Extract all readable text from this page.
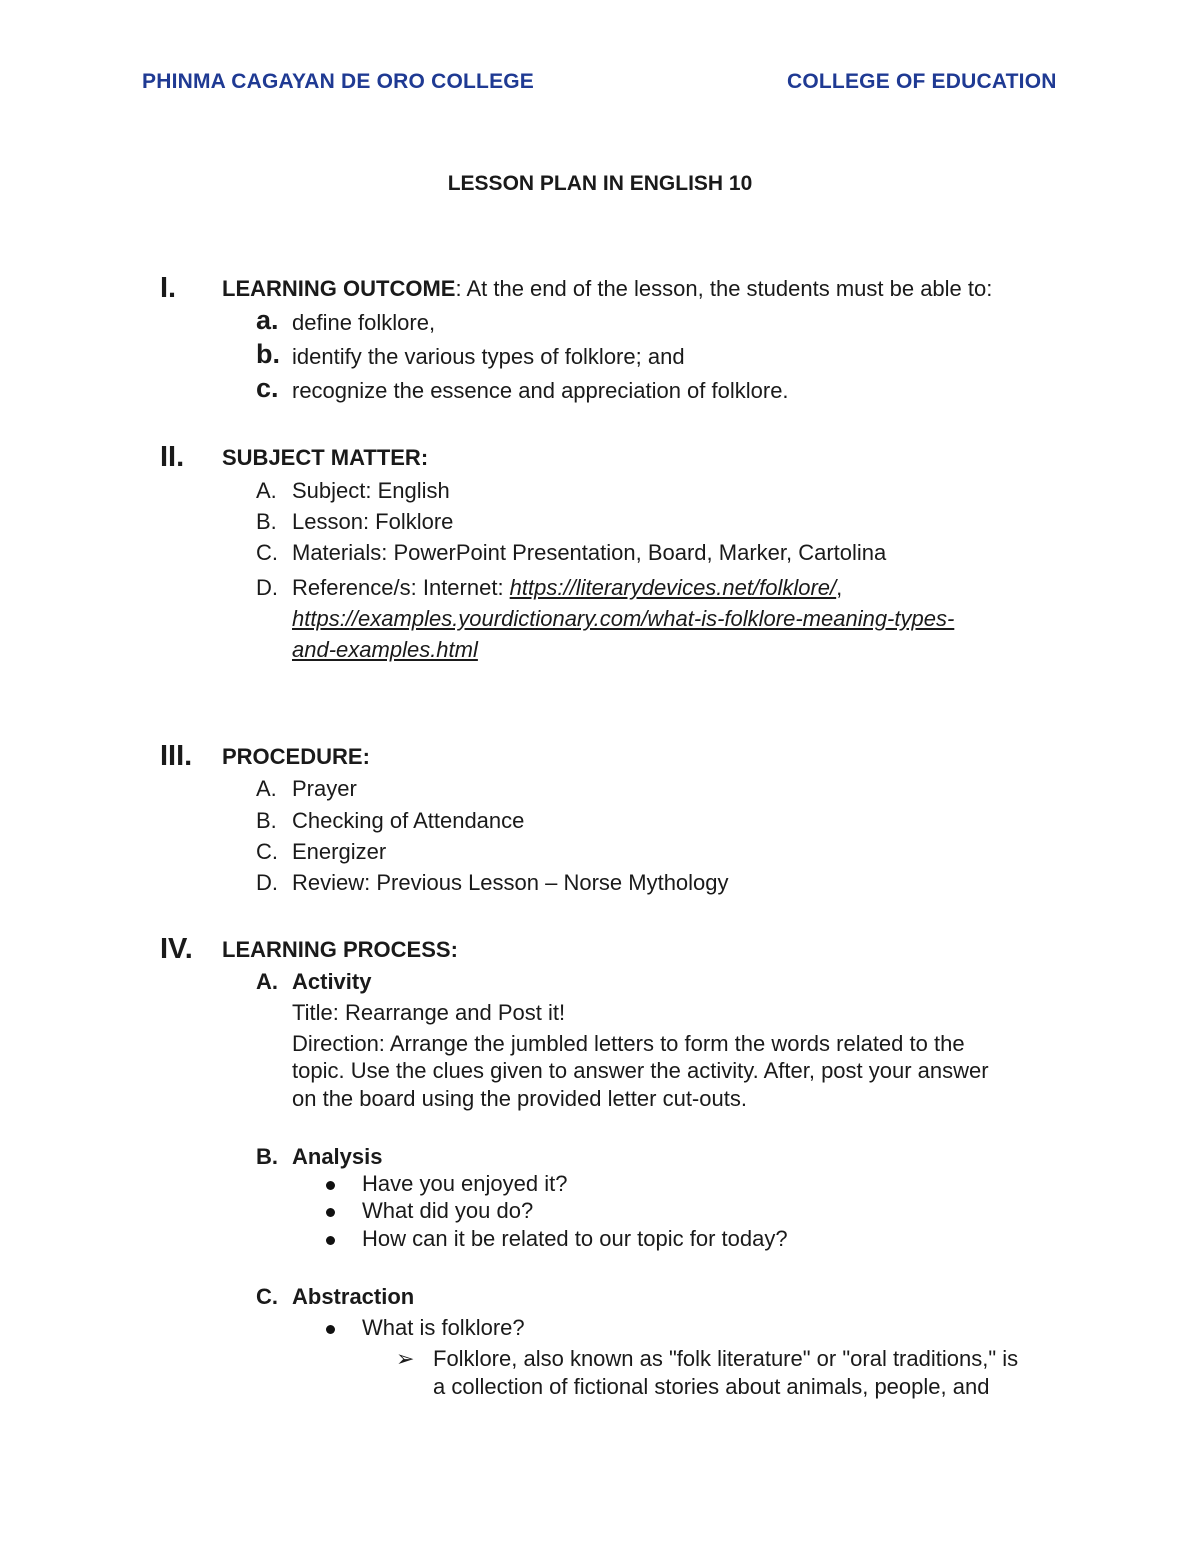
PHINMA CAGAYAN DE ORO COLLEGE	COLLEGE OF EDUCATION
LESSON PLAN IN ENGLISH 10
I.	LEARNING OUTCOME: At the end of the lesson, the students must be able to:
a. define folklore,
b. identify the various types of folklore; and
c. recognize the essence and appreciation of folklore.
II.	SUBJECT MATTER:
A. Subject: English
B. Lesson: Folklore
C. Materials: PowerPoint Presentation, Board, Marker, Cartolina
D. Reference/s: Internet: https://literarydevices.net/folklore/,
https://examples.yourdictionary.com/what-is-folklore-meaning-types-
and-examples.html
III.	PROCEDURE:
A. Prayer
B. Checking of Attendance
C. Energizer
D. Review: Previous Lesson – Norse Mythology
IV.	LEARNING PROCESS:
A. Activity
Title: Rearrange and Post it!
Direction: Arrange the jumbled letters to form the words related to the
topic. Use the clues given to answer the activity. After, post your answer
on the board using the provided letter cut-outs.
B. Analysis
Have you enjoyed it?
What did you do?
How can it be related to our topic for today?
C. Abstraction
What is folklore?
➢ Folklore, also known as "folk literature" or "oral traditions," is
a collection of fictional stories about animals, people, and
